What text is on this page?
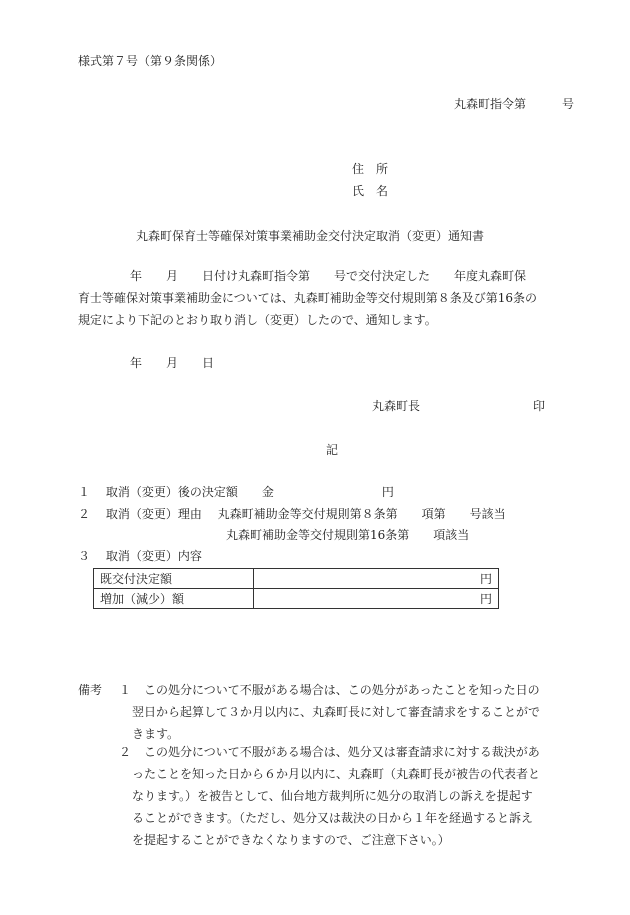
様式第７号（第９条関係）
丸森町指令第　　　号
住　所
氏　名
丸森町保育士等確保対策事業補助金交付決定取消（変更）通知書
年　　月　　日付け丸森町指令第　　号で交付決定した　　年度丸森町保
育士等確保対策事業補助金については、丸森町補助金等交付規則第８条及び第16条の
規定により下記のとおり取り消し（変更）したので、通知します。
年　　月　　日
丸森町長	印
記
１　 取消（変更）後の決定額　　金　　　　　　　　　円
２　 取消（変更）理由　 丸森町補助金等交付規則第８条第　　項第　　号該当
丸森町補助金等交付規則第16条第　　項該当
３　 取消（変更）内容
既交付決定額	円
増加（減少）額	円
備考 １ この処分について不服がある場合は、この処分があったことを知った日の
翌日から起算して３か月以内に、丸森町長に対して審査請求をすることがで
きます。
２ この処分について不服がある場合は、処分又は審査請求に対する裁決があ
ったことを知った日から６か月以内に、丸森町（丸森町長が被告の代表者と
なります。）を被告として、仙台地方裁判所に処分の取消しの訴えを提起す
ることができます。（ただし、処分又は裁決の日から１年を経過すると訴え
を提起することができなくなりますので、ご注意下さい。）
